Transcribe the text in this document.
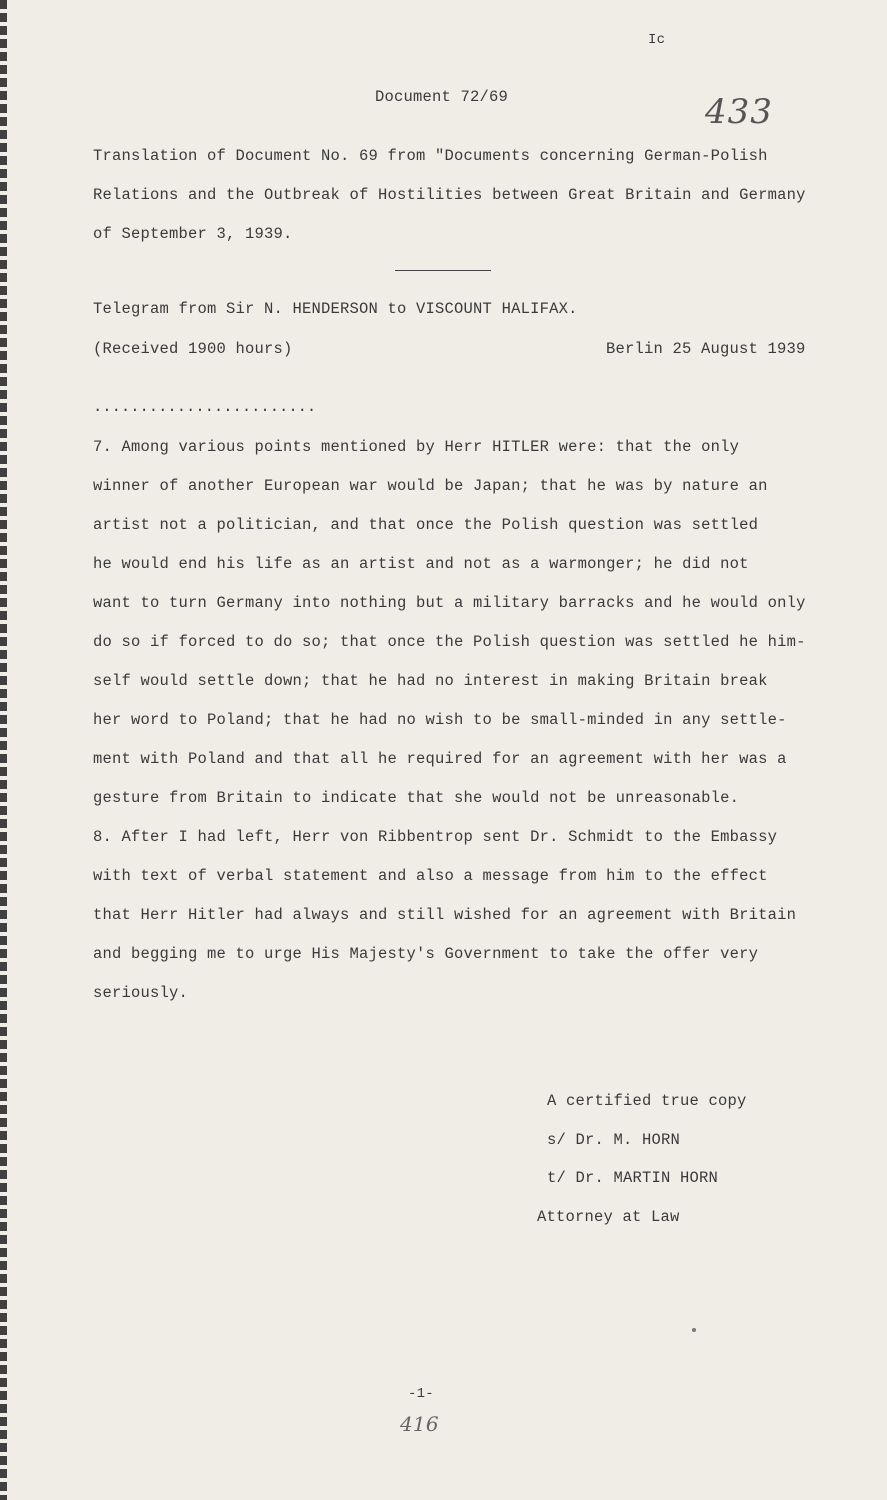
Ic
Document 72/69	433
Translation of Document No. 69 from "Documents concerning German-Polish
Relations and the Outbreak of Hostilities between Great Britain and Germany
of September 3, 1939.
Telegram from Sir N. HENDERSON to VISCOUNT HALIFAX.
(Received 1900 hours)	Berlin 25 August 1939
........................
7. Among various points mentioned by Herr HITLER were: that the only
winner of another European war would be Japan; that he was by nature an
artist not a politician, and that once the Polish question was settled
he would end his life as an artist and not as a warmonger; he did not
want to turn Germany into nothing but a military barracks and he would only
do so if forced to do so; that once the Polish question was settled he him-
self would settle down; that he had no interest in making Britain break
her word to Poland; that he had no wish to be small-minded in any settle-
ment with Poland and that all he required for an agreement with her was a
gesture from Britain to indicate that she would not be unreasonable.
8. After I had left, Herr von Ribbentrop sent Dr. Schmidt to the Embassy
with text of verbal statement and also a message from him to the effect
that Herr Hitler had always and still wished for an agreement with Britain
and begging me to urge His Majesty's Government to take the offer very
seriously.
A certified true copy
s/ Dr. M. HORN
t/ Dr. MARTIN HORN
Attorney at Law
-1-
416
